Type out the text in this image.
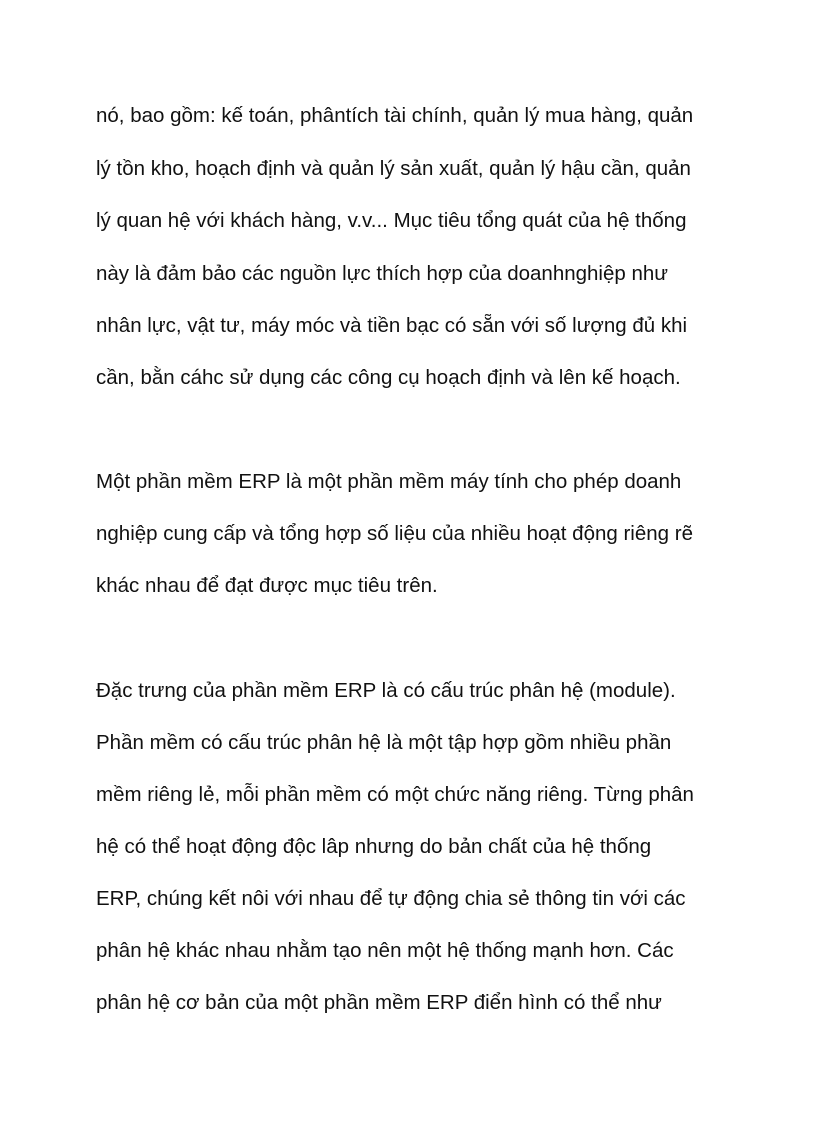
nó, bao gồm: kế toán, phântích tài chính, quản lý mua hàng, quản
lý tồn kho, hoạch định và quản lý sản xuất, quản lý hậu cần, quản
lý quan hệ với khách hàng, v.v... Mục tiêu tổng quát của hệ thống
này là đảm bảo các nguồn lực thích hợp của doanhnghiệp như
nhân lực, vật tư, máy móc và tiền bạc có sẵn với số lượng đủ khi
cần, bằn cáhc sử dụng các công cụ hoạch định và lên kế hoạch.
Một phần mềm ERP là một phần mềm máy tính cho phép doanh
nghiệp cung cấp và tổng hợp số liệu của nhiều hoạt động riêng rẽ
khác nhau để đạt được mục tiêu trên.
Đặc trưng của phần mềm ERP là có cấu trúc phân hệ (module).
Phần mềm có cấu trúc phân hệ là một tập hợp gồm nhiều phần
mềm riêng lẻ, mỗi phần mềm có một chức năng riêng. Từng phân
hệ có thể hoạt động độc lâp nhưng do bản chất của hệ thống
ERP, chúng kết nôi với nhau để tự động chia sẻ thông tin với các
phân hệ khác nhau nhằm tạo nên một hệ thống mạnh hơn. Các
phân hệ cơ bản của một phần mềm ERP điển hình có thể như
